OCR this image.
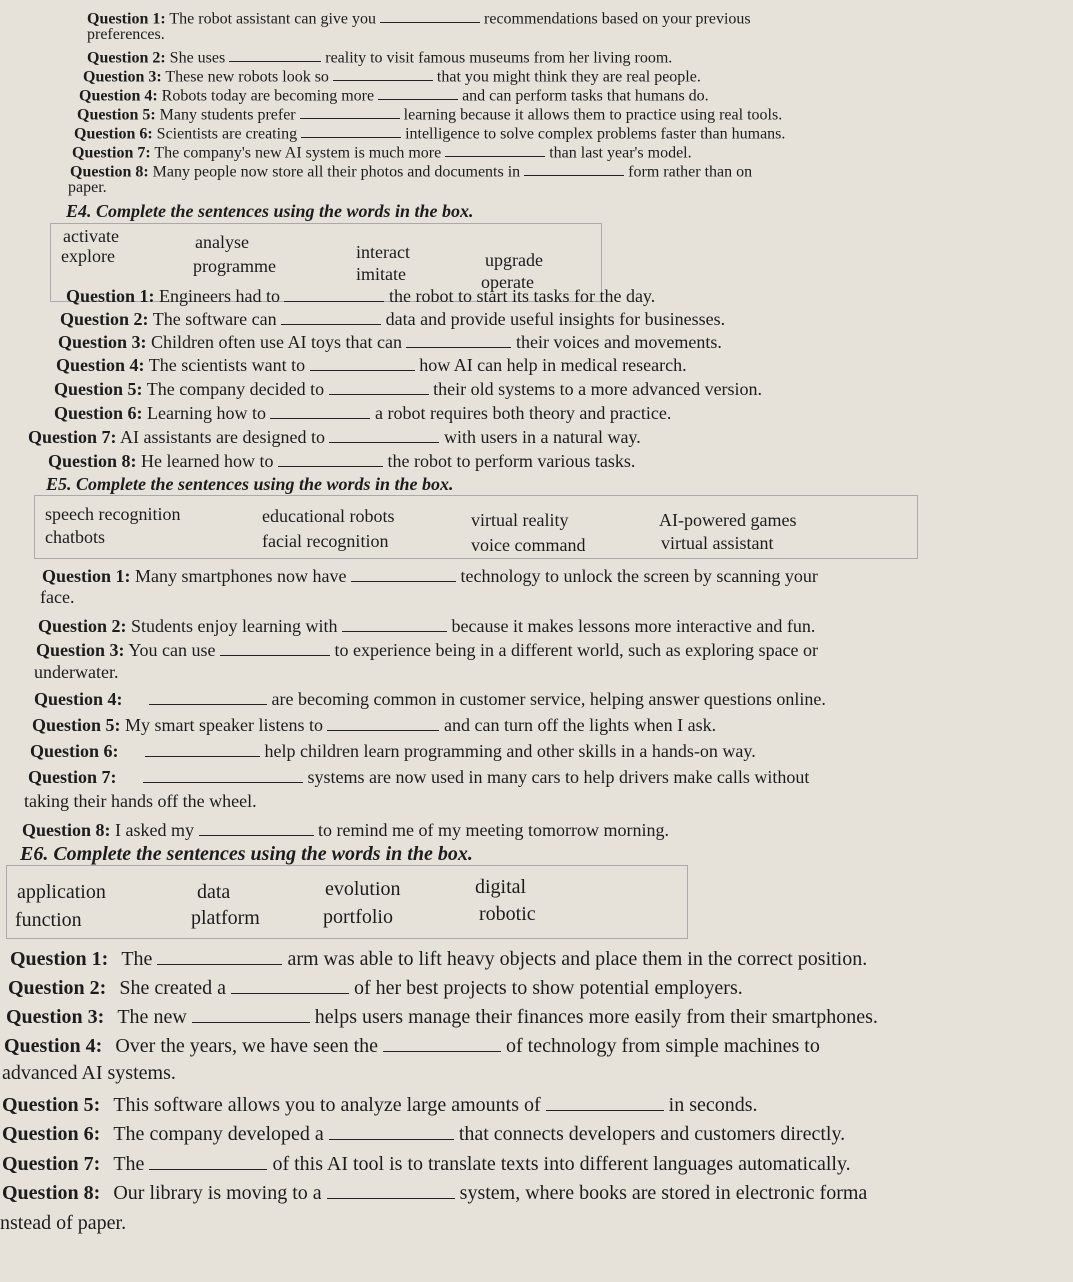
Question 1: The robot assistant can give you	recommendations based on your previous
preferences.
Question 2: She uses	reality to visit famous museums from her living room.
Question 3: These new robots look so	that you might think they are real people.
Question 4: Robots today are becoming more	and can perform tasks that humans do.
Question 5: Many students prefer	learning because it allows them to practice using real tools.
Question 6: Scientists are creating	intelligence to solve complex problems faster than humans.
Question 7: The company's new AI system is much more	than last year's model.
Question 8: Many people now store all their photos and documents in	form rather than on
paper.
E4. Complete the sentences using the words in the box.
activate	analyse	interact	upgrade
explore	programme	imitate	operate
Question 1: Engineers had to	the robot to start its tasks for the day.
Question 2: The software can	data and provide useful insights for businesses.
Question 3: Children often use AI toys that can	their voices and movements.
Question 4: The scientists want to	how AI can help in medical research.
Question 5: The company decided to	their old systems to a more advanced version.
Question 6: Learning how to	a robot requires both theory and practice.
Question 7: AI assistants are designed to	with users in a natural way.
Question 8: He learned how to	the robot to perform various tasks.
E5. Complete the sentences using the words in the box.
speech recognition	educational robots	virtual reality	AI-powered games
chatbots	facial recognition	voice command	virtual assistant
Question 1: Many smartphones now have	technology to unlock the screen by scanning your
face.
Question 2: Students enjoy learning with	because it makes lessons more interactive and fun.
Question 3: You can use	to experience being in a different world, such as exploring space or
underwater.
Question 4:	are becoming common in customer service, helping answer questions online.
Question 5: My smart speaker listens to	and can turn off the lights when I ask.
Question 6:	help children learn programming and other skills in a hands-on way.
Question 7:	systems are now used in many cars to help drivers make calls without
taking their hands off the wheel.
Question 8: I asked my	to remind me of my meeting tomorrow morning.
E6. Complete the sentences using the words in the box.
application	data	evolution	digital
function	platform	portfolio	robotic
Question 1: The	arm was able to lift heavy objects and place them in the correct position.
Question 2: She created a	of her best projects to show potential employers.
Question 3: The new	helps users manage their finances more easily from their smartphones.
Question 4: Over the years, we have seen the	of technology from simple machines to
advanced AI systems.
Question 5: This software allows you to analyze large amounts of	in seconds.
Question 6: The company developed a	that connects developers and customers directly.
Question 7: The	of this AI tool is to translate texts into different languages automatically.
Question 8: Our library is moving to a	system, where books are stored in electronic forma
nstead of paper.
